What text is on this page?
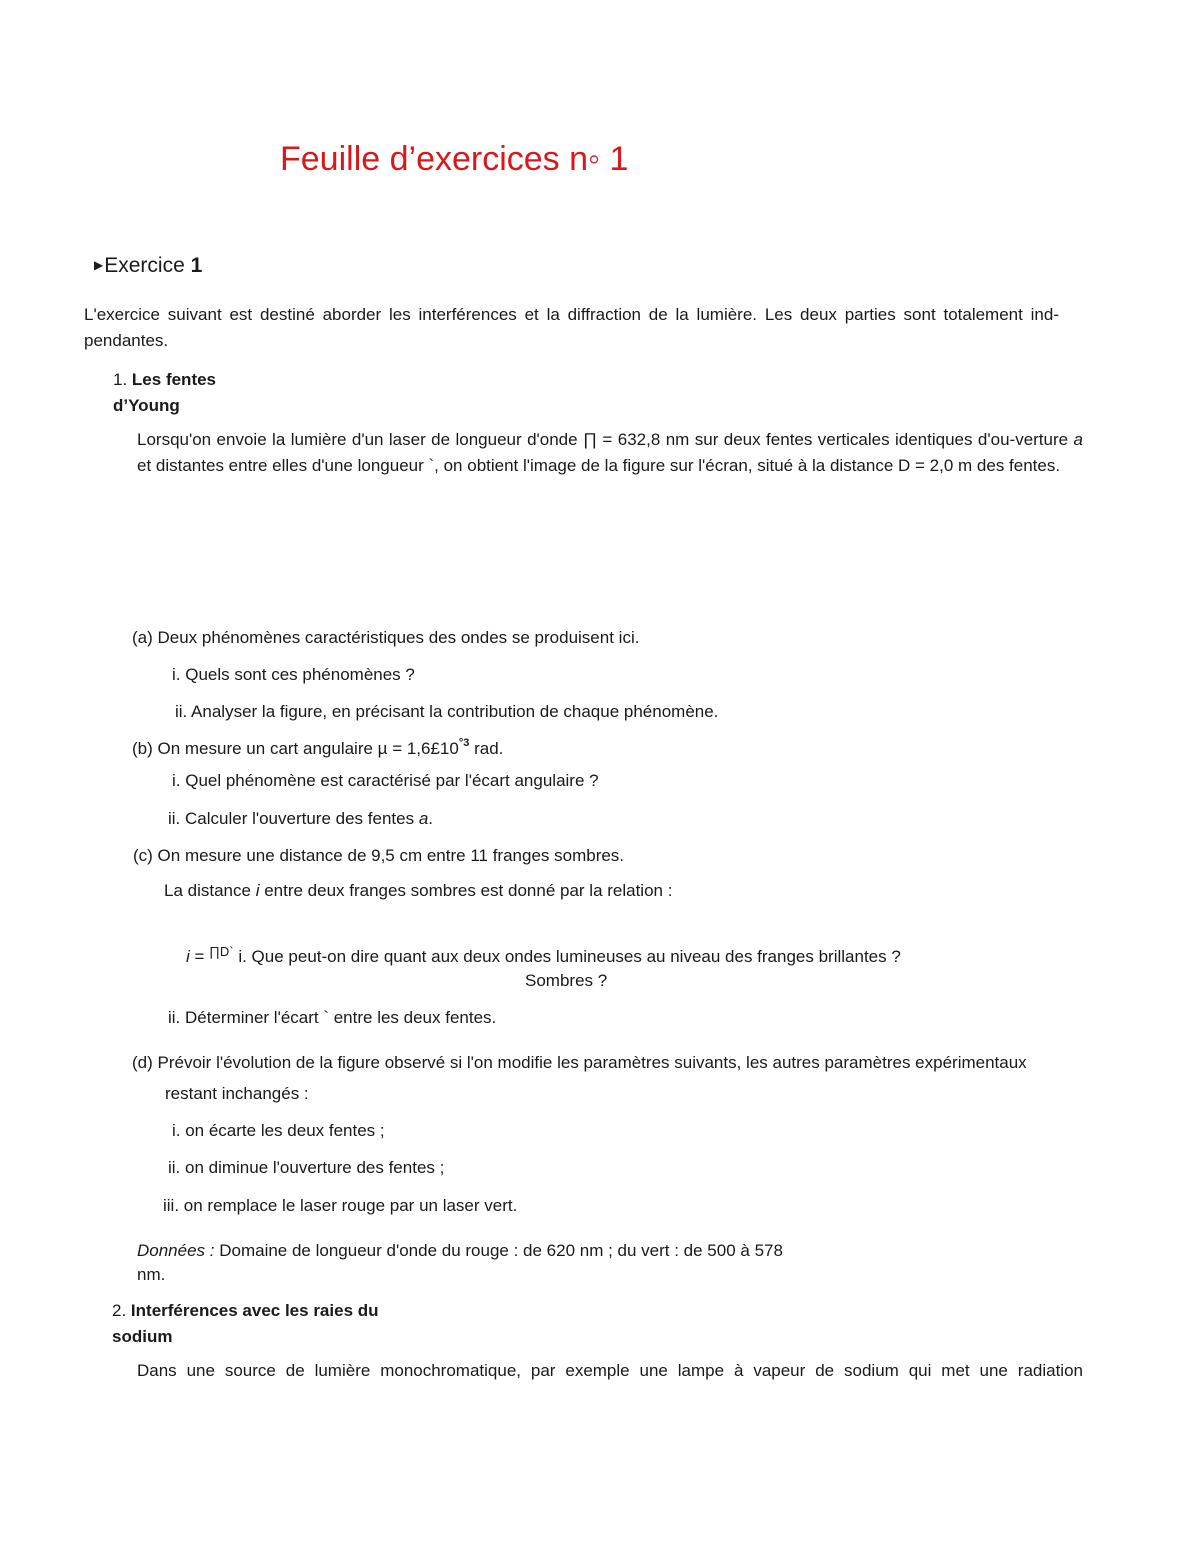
Feuille d’exercices n◦ 1
▶Exercice 1
L'exercice suivant est destiné aborder les interférences et la diffraction de la lumière. Les deux parties sont totalement ind-pendantes.
1. Les fentes
d’Young
Lorsqu'on envoie la lumière d'un laser de longueur d'onde ∏ = 632,8 nm sur deux fentes verticales identiques d'ou-verture a et distantes entre elles d'une longueur `, on obtient l'image de la figure sur l'écran, situé à la distance D = 2,0 m des fentes.
(a) Deux phénomènes caractéristiques des ondes se produisent ici.
i. Quels sont ces phénomènes ?
ii. Analyser la figure, en précisant la contribution de chaque phénomène.
(b) On mesure un cart angulaire $\mu = 1,6£10^{^\circ 3}$ rad.
i. Quel phénomène est caractérisé par l'écart angulaire ?
ii. Calculer l'ouverture des fentes a.
(c) On mesure une distance de 9,5 cm entre 11 franges sombres.
La distance i entre deux franges sombres est donné par la relation :
i = $^{\prod D`}$ i. Que peut-on dire quant aux deux ondes lumineuses au niveau des franges brillantes ?
Sombres ?
ii. Déterminer l'écart ` entre les deux fentes.
(d) Prévoir l'évolution de la figure observé si l'on modifie les paramètres suivants, les autres paramètres expérimentaux
restant inchangés :
i. on écarte les deux fentes ;
ii. on diminue l'ouverture des fentes ;
iii. on remplace le laser rouge par un laser vert.
Données : Domaine de longueur d'onde du rouge : de 620 nm ; du vert : de 500 à 578
nm.
2. Interférences avec les raies du
sodium
Dans une source de lumière monochromatique, par exemple une lampe à vapeur de sodium qui met une radiation
